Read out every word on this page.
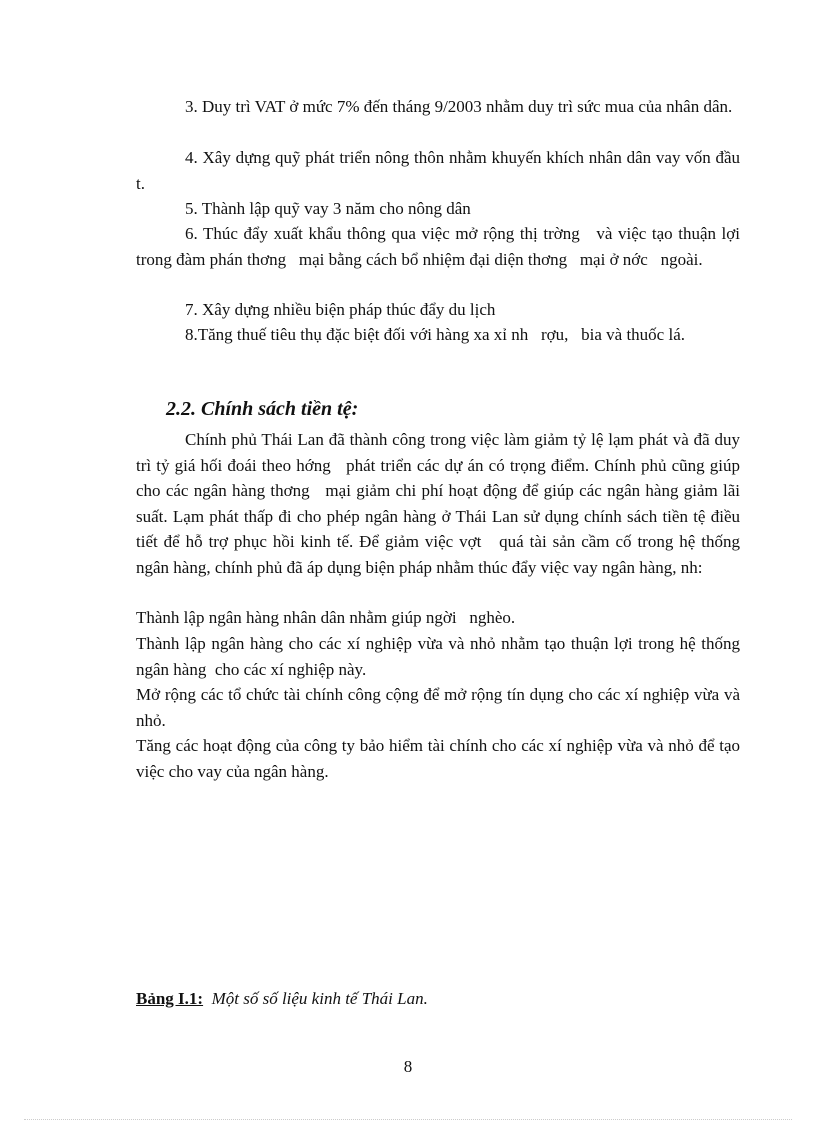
3. Duy trì VAT ở mức 7% đến tháng 9/2003 nhằm duy trì sức mua của nhân dân.

4. Xây dựng quỹ phát triển nông thôn nhằm khuyến khích nhân dân vay vốn đầu t.

5. Thành lập quỹ vay 3 năm cho nông dân

6. Thúc đẩy xuất khẩu thông qua việc mở rộng thị trờng   và việc tạo thuận lợi trong đàm phán thơng   mại bằng cách bổ nhiệm đại diện thơng   mại ở nớc   ngoài.

7. Xây dựng nhiều biện pháp thúc đẩy du lịch

8.Tăng thuế tiêu thụ đặc biệt đối với hàng xa xỉ nh   rợu,   bia và thuốc lá.

2.2. Chính sách tiền tệ:

Chính phủ Thái Lan đã thành công trong việc làm giảm tỷ lệ lạm phát và đã duy trì tỷ giá hối đoái theo hớng   phát triển các dự án có trọng điểm. Chính phủ cũng giúp cho các ngân hàng thơng   mại giảm chi phí hoạt động để giúp các ngân hàng giảm lãi suất. Lạm phát thấp đi cho phép ngân hàng ở Thái Lan sử dụng chính sách tiền tệ điều tiết để hỗ trợ phục hồi kinh tế. Để giảm việc vợt   quá tài sản cầm cố trong hệ thống ngân hàng, chính phủ đã áp dụng biện pháp nhằm thúc đẩy việc vay ngân hàng, nh:

Thành lập ngân hàng nhân dân nhằm giúp ngời   nghèo.

Thành lập ngân hàng cho các xí nghiệp vừa và nhỏ nhằm tạo thuận lợi trong hệ thống ngân hàng  cho các xí nghiệp này.

Mở rộng các tổ chức tài chính công cộng để mở rộng tín dụng cho các xí nghiệp vừa và nhỏ.

Tăng các hoạt động của công ty bảo hiểm tài chính cho các xí nghiệp vừa và nhỏ để tạo việc cho vay của ngân hàng.

Bảng I.1: Một số số liệu kinh tế Thái Lan.

8
